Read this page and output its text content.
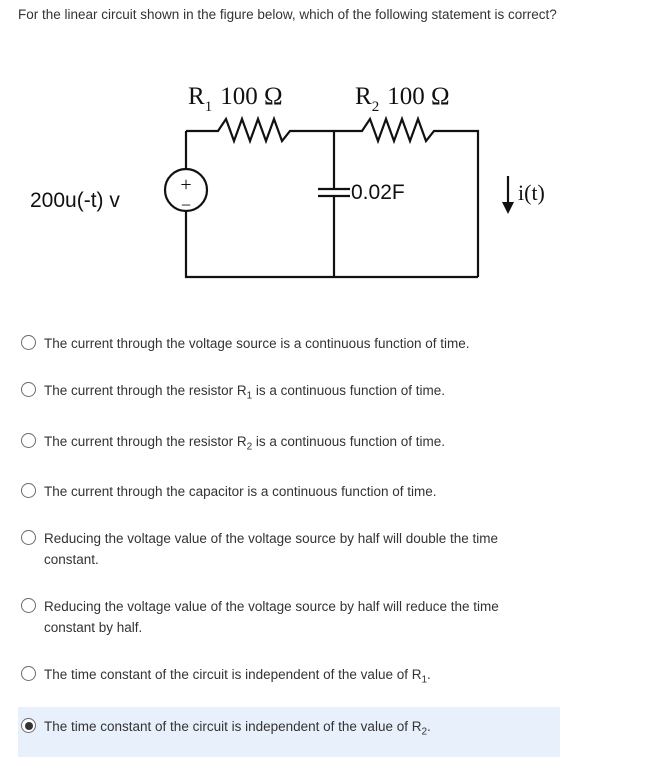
For the linear circuit shown in the figure below, which of the following statement is correct?
$R_1$ 100 Ω	$R_2$ 100 Ω
200u(-t) v
+
−
0.02F	i(t)
The current through the voltage source is a continuous function of time.
The current through the resistor $R_1$ is a continuous function of time.
The current through the resistor $R_2$ is a continuous function of time.
The current through the capacitor is a continuous function of time.
Reducing the voltage value of the voltage source by half will double the time constant.
Reducing the voltage value of the voltage source by half will reduce the time constant by half.
The time constant of the circuit is independent of the value of $R_1$.
The time constant of the circuit is independent of the value of $R_2$.
